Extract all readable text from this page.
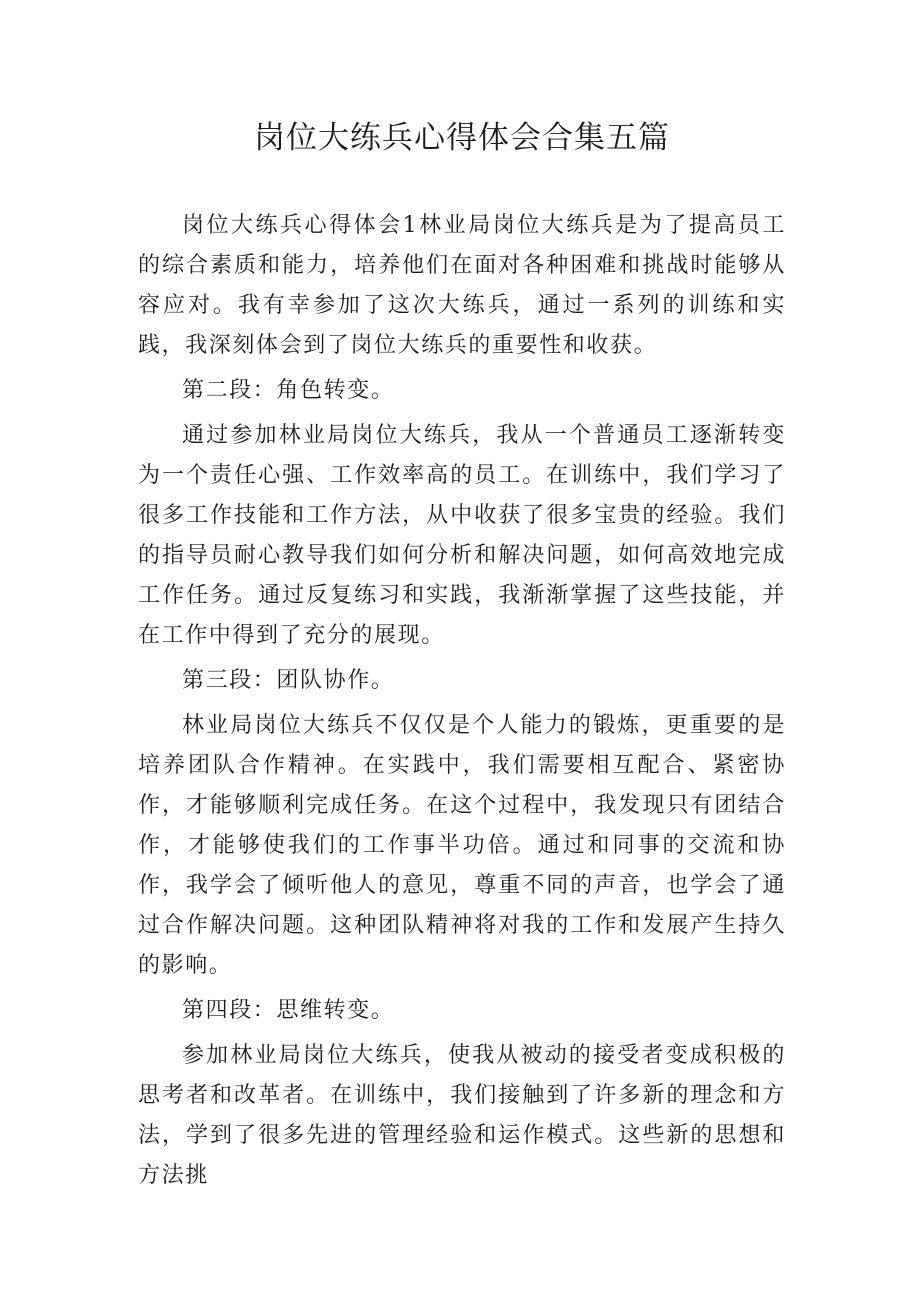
岗位大练兵心得体会合集五篇

岗位大练兵心得体会1林业局岗位大练兵是为了提高员工的综合素质和能力，培养他们在面对各种困难和挑战时能够从容应对。我有幸参加了这次大练兵，通过一系列的训练和实践，我深刻体会到了岗位大练兵的重要性和收获。

第二段：角色转变。

通过参加林业局岗位大练兵，我从一个普通员工逐渐转变为一个责任心强、工作效率高的员工。在训练中，我们学习了很多工作技能和工作方法，从中收获了很多宝贵的经验。我们的指导员耐心教导我们如何分析和解决问题，如何高效地完成工作任务。通过反复练习和实践，我渐渐掌握了这些技能，并在工作中得到了充分的展现。

第三段：团队协作。

林业局岗位大练兵不仅仅是个人能力的锻炼，更重要的是培养团队合作精神。在实践中，我们需要相互配合、紧密协作，才能够顺利完成任务。在这个过程中，我发现只有团结合作，才能够使我们的工作事半功倍。通过和同事的交流和协作，我学会了倾听他人的意见，尊重不同的声音，也学会了通过合作解决问题。这种团队精神将对我的工作和发展产生持久的影响。

第四段：思维转变。

参加林业局岗位大练兵，使我从被动的接受者变成积极的思考者和改革者。在训练中，我们接触到了许多新的理念和方法，学到了很多先进的管理经验和运作模式。这些新的思想和方法挑
